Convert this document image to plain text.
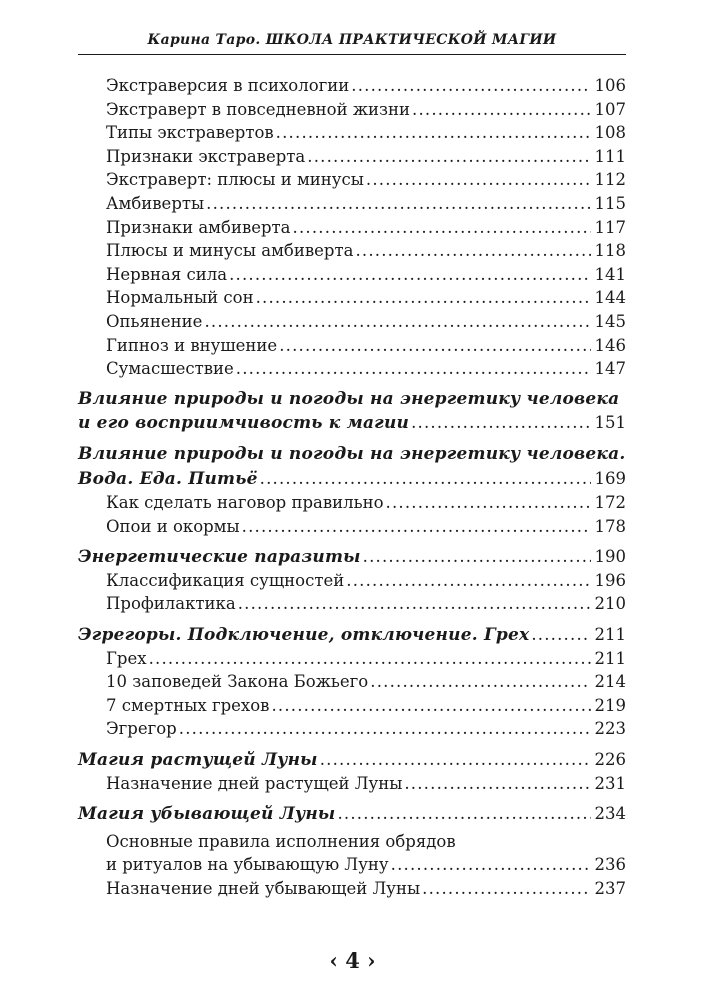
Карина Таро. ШКОЛА ПРАКТИЧЕСКОЙ МАГИИ
Экстраверсия в психологии .....	106
Экстраверт в повседневной жизни .....	107
Типы экстравертов .....	108
Признаки экстраверта .....	111
Экстраверт: плюсы и минусы .....	112
Амбиверты .....	115
Признаки амбиверта .....	117
Плюсы и минусы амбиверта .....	118
Нервная сила .....	141
Нормальный сон .....	144
Опьянение .....	145
Гипноз и внушение .....	146
Сумасшествие .....	147
Влияние природы и погоды на энергетику человека
и его восприимчивость к магии .....	151
Влияние природы и погоды на энергетику человека.
Вода. Еда. Питьё .....	169
Как сделать наговор правильно .....	172
Опои и окормы .....	178
Энергетические паразиты .....	190
Классификация сущностей .....	196
Профилактика .....	210
Эгрегоры. Подключение, отключение. Грех .....	211
Грех .....	211
10 заповедей Закона Божьего .....	214
7 смертных грехов .....	219
Эгрегор .....	223
Магия растущей Луны .....	226
Назначение дней растущей Луны .....	231
Магия убывающей Луны .....	234
Основные правила исполнения обрядов
и ритуалов на убывающую Луну .....	236
Назначение дней убывающей Луны .....	237
‹ 4 ›
